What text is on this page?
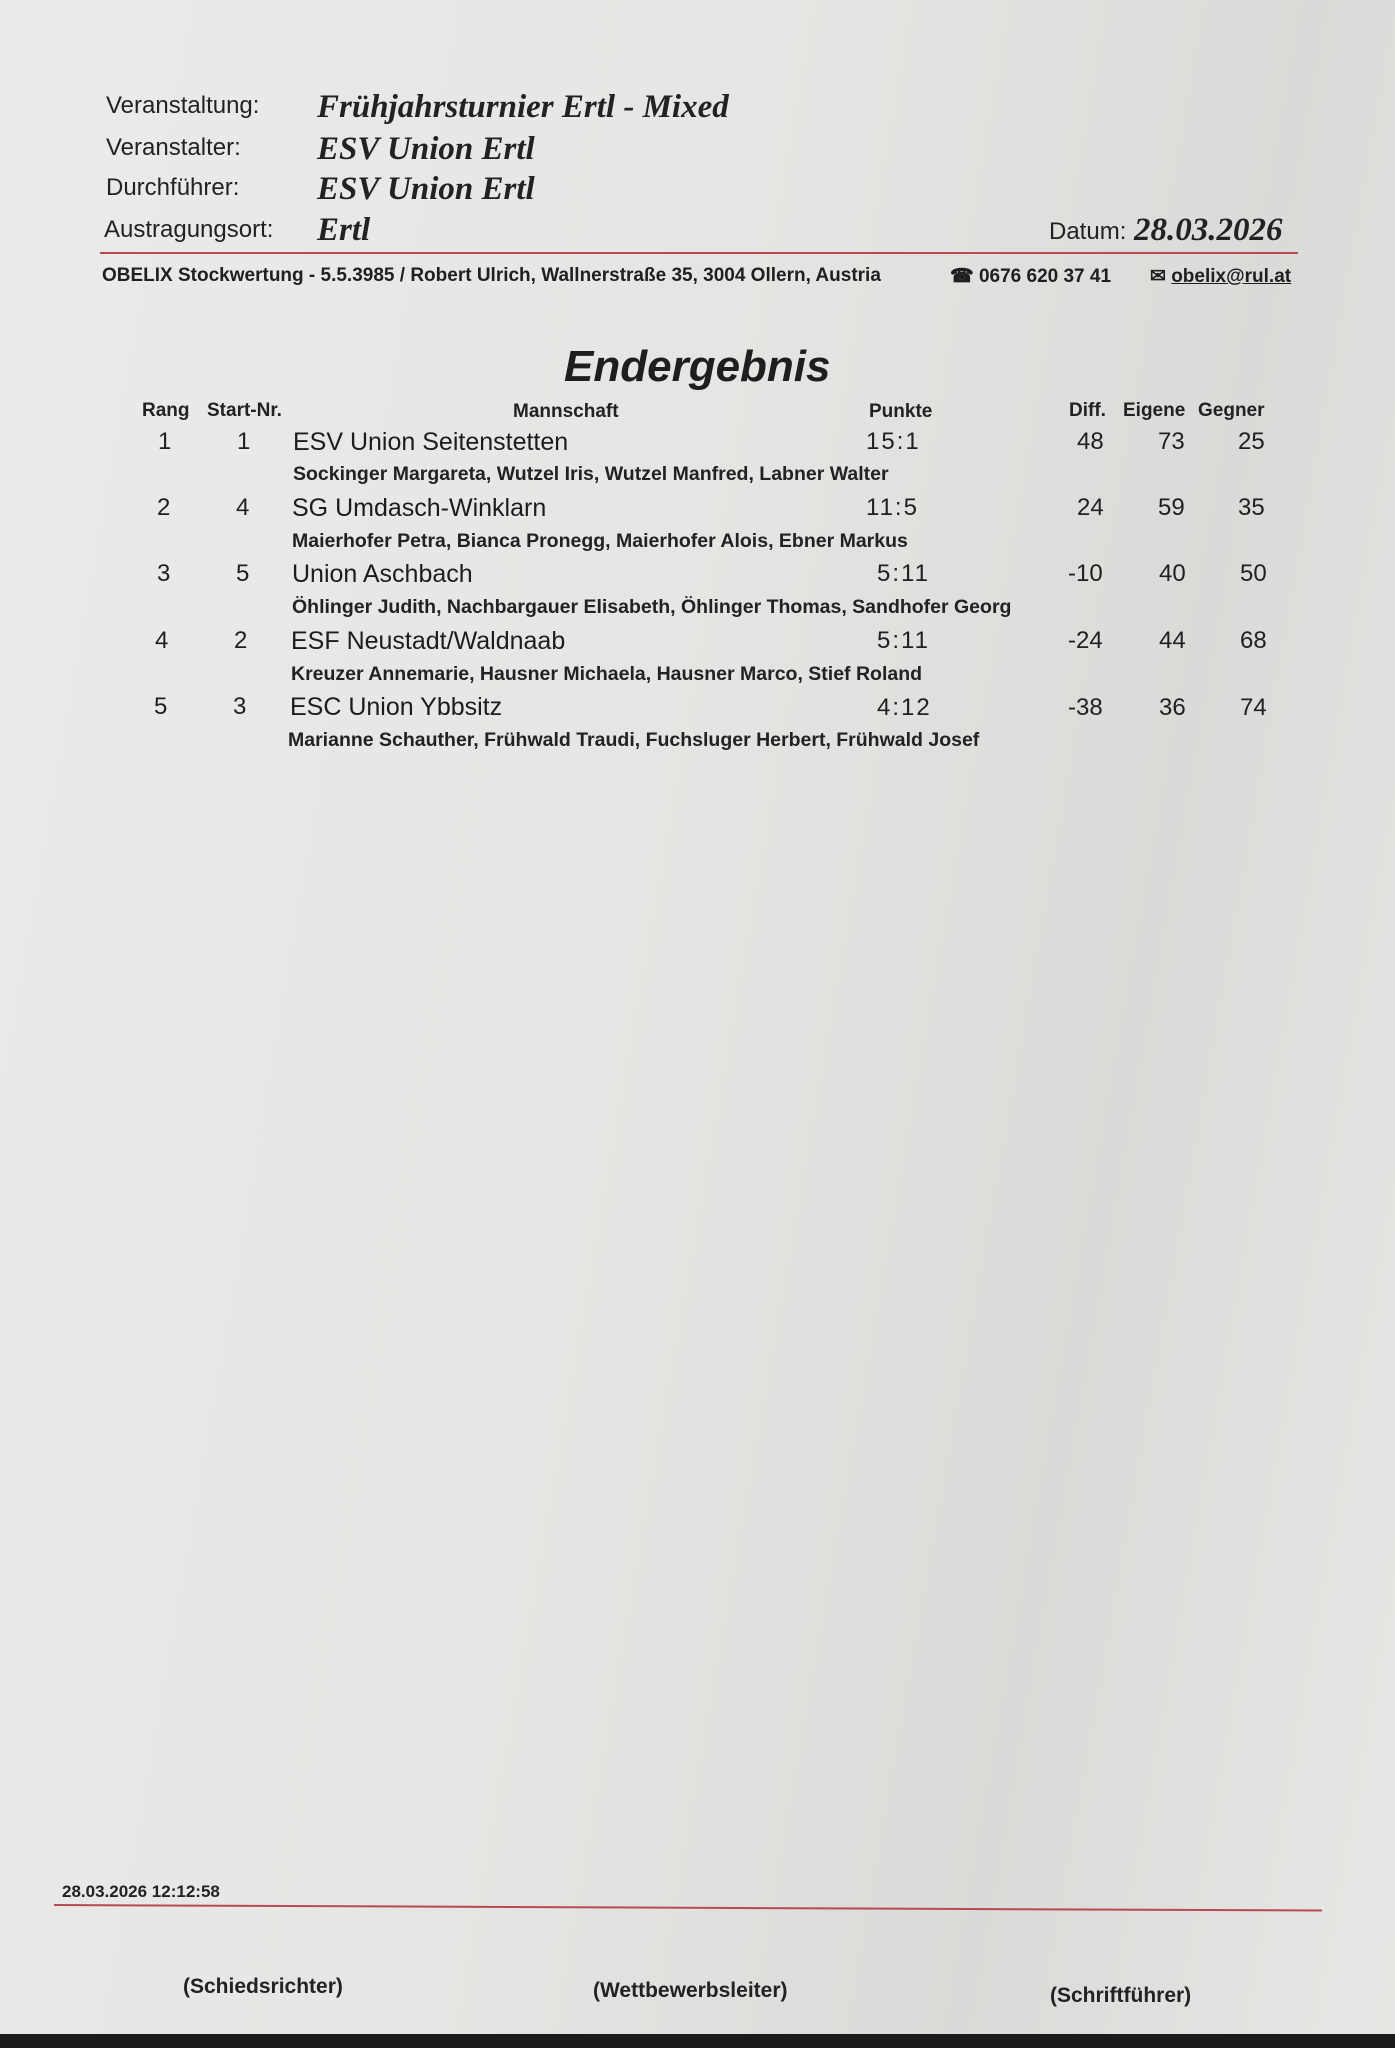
Veranstaltung: Frühjahrsturnier Ertl - Mixed
Veranstalter: ESV Union Ertl
Durchführer: ESV Union Ertl
Austragungsort: Ertl	Datum: 28.03.2026
OBELIX Stockwertung - 5.5.3985 / Robert Ulrich, Wallnerstraße 35, 3004 Ollern, Austria	☎ 0676 620 37 41 ✉ obelix@rul.at
Endergebnis
Rang Start-Nr.	Mannschaft	Punkte	Diff. Eigene Gegner
1	1 ESV Union Seitenstetten	15:1	48 73 25
Sockinger Margareta, Wutzel Iris, Wutzel Manfred, Labner Walter
2	4 SG Umdasch-Winklarn	11:5	24 59 35
Maierhofer Petra, Bianca Pronegg, Maierhofer Alois, Ebner Markus
3	5 Union Aschbach	5:11	-10 40 50
Öhlinger Judith, Nachbargauer Elisabeth, Öhlinger Thomas, Sandhofer Georg
4	2 ESF Neustadt/Waldnaab	5:11	-24 44 68
Kreuzer Annemarie, Hausner Michaela, Hausner Marco, Stief Roland
5	3 ESC Union Ybbsitz	4:12	-38 36 74
Marianne Schauther, Frühwald Traudi, Fuchsluger Herbert, Frühwald Josef
28.03.2026 12:12:58
(Schiedsrichter)	(Wettbewerbsleiter)	(Schriftführer)
